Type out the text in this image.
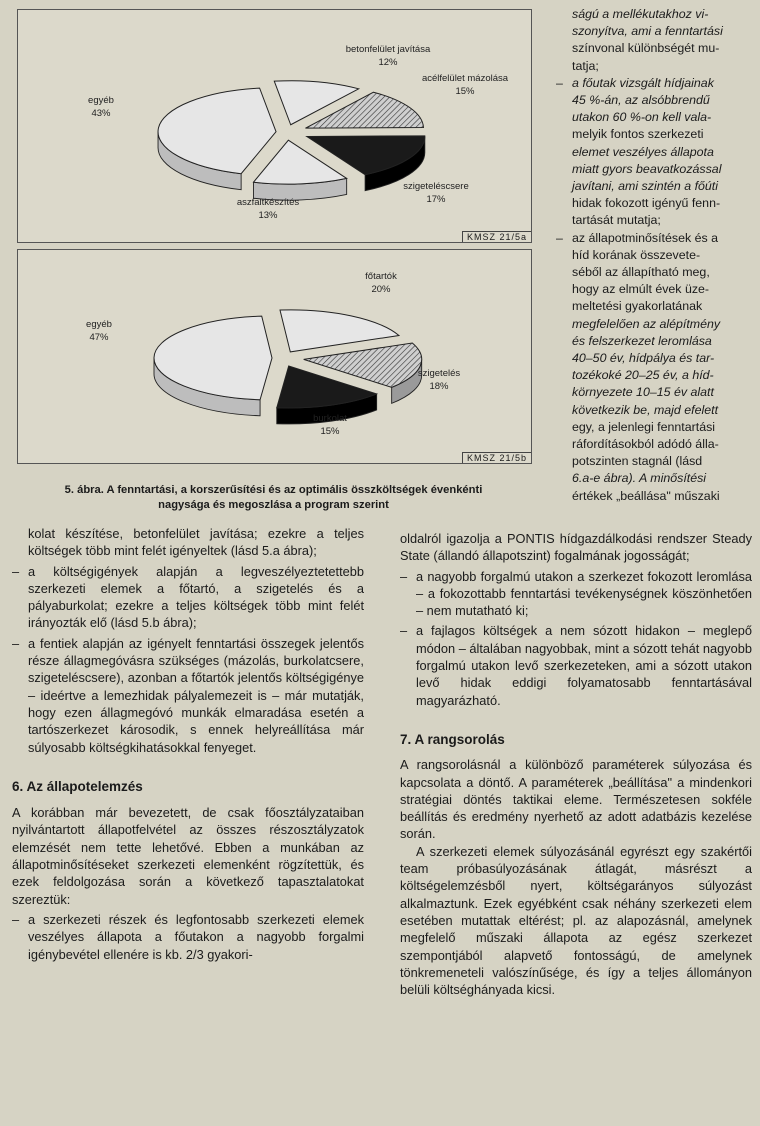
betonfelület javítása
12%
acélfelület mázolása
15%
szigeteléscsere
17%
aszfaltkészítés
13%
egyéb
43%
KMSZ 21/5a
főtartók
20%
szigetelés
18%
burkolat
15%
egyéb
47%
KMSZ 21/5b
5. ábra. A fenntartási, a korszerűsítési és az optimális összköltségek évenkénti
nagysága és megoszlása a program szerint
ságú a mellékutakhoz vi-
szonyítva, ami a fenntartási
színvonal különbségét mu-
tatja;
– a főutak vizsgált hídjainak
45 %-án, az alsóbbrendű
utakon 60 %-on kell vala-
melyik fontos szerkezeti
elemet veszélyes állapota
miatt gyors beavatkozással
javítani, ami szintén a főúti
hidak fokozott igényű fenn-
tartását mutatja;
– az állapotminősítések és a
híd korának összevete-
séből az állapítható meg,
hogy az elmúlt évek üze-
meltetési gyakorlatának
megfelelően az alépítmény
és felszerkezet leromlása
40–50 év, hídpálya és tar-
tozékoké 20–25 év, a híd-
környezete 10–15 év alatt
következik be, majd efelett
egy, a jelenlegi fenntartási
ráfordításokból adódó álla-
potszinten stagnál (lásd
6.a-e ábra). A minősítési
értékek „beállása" műszaki

kolat készítése, betonfelület javítása; ezekre a teljes költségek több mint felét igényeltek (lásd 5.a ábra);

– a költségigények alapján a legveszélyeztetettebb szerkezeti elemek a főtartó, a szigetelés és a pályaburkolat; ezekre a teljes költségek több mint felét irányozták elő (lásd 5.b ábra);

– a fentiek alapján az igényelt fenntartási összegek jelentős része állagmegóvásra szükséges (mázolás, burkolatcsere, szigeteléscsere), azonban a főtartók jelentős költségigénye – ideértve a lemezhidak pályalemezeit is – már mutatják, hogy ezen állagmegóvó munkák elmaradása esetén a tartószerkezet károsodik, s ennek helyreállítása már súlyosabb költségkihatásokkal fenyeget.

6. Az állapotelemzés

A korábban már bevezetett, de csak főosztályzataiban nyilvántartott állapotfelvétel az összes részosztályzatok elemzését nem tette lehetővé. Ebben a munkában az állapotminősítéseket szerkezeti elemenként rögzítettük, és ezek feldolgozása során a következő tapasztalatokat szereztük:

– a szerkezeti részek és legfontosabb szerkezeti elemek veszélyes állapota a főutakon a nagyobb forgalmi igénybevétel ellenére is kb. 2/3 gyakori-

oldalról igazolja a PONTIS hídgazdálkodási rendszer Steady State (állandó állapotszint) fogalmának jogosságát;

– a nagyobb forgalmú utakon a szerkezet fokozott leromlása – a fokozottabb fenntartási tevékenységnek köszönhetően – nem mutatható ki;

– a fajlagos költségek a nem sózott hidakon – meglepő módon – általában nagyobbak, mint a sózott tehát nagyobb forgalmú utakon levő szerkezeteken, ami a sózott utakon levő hidak eddigi folyamatosabb fenntartásával magyarázható.

7. A rangsorolás

A rangsorolásnál a különböző paraméterek súlyozása és kapcsolata a döntő. A paraméterek „beállítása" a mindenkori stratégiai döntés taktikai eleme. Természetesen sokféle beállítás és eredmény nyerhető az adott adatbázis kezelése során.

A szerkezeti elemek súlyozásánál egyrészt egy szakértői team próbasúlyozásának átlagát, másrészt a költségelemzésből nyert, költségarányos súlyozást alkalmaztunk. Ezek egyébként csak néhány szerkezeti elem esetében mutattak eltérést; pl. az alapozásnál, amelynek megfelelő műszaki állapota az egész szerkezet szempontjából alapvető fontosságú, de amelynek tönkremeneteli valószínűsége, és így a teljes állományon belüli költséghányada kicsi.
